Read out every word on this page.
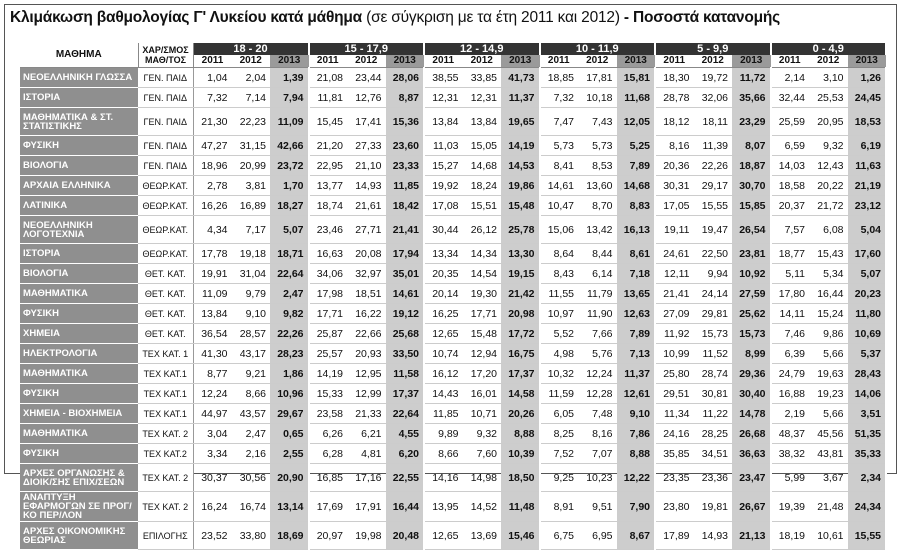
Κλιμάκωση βαθμολογίας Γ' Λυκείου κατά μάθημα (σε σύγκριση με τα έτη 2011 και 2012) - Ποσοστά κατανομής
ΜΑΘΗΜΑ	ΧΑΡ/ΣΜΟΣ ΜΑΘ/ΤΟΣ	18 - 20			15 - 17,9			12 - 14,9			10 - 11,9			5 - 9,9			0 - 4,9		
		2011	2012	2013	2011	2012	2013	2011	2012	2013	2011	2012	2013	2011	2012	2013	2011	2012	2013
ΝΕΟΕΛΛΗΝΙΚΗ ΓΛΩΣΣΑ	ΓΕΝ. ΠΑΙΔ	1,04	2,04	1,39	21,08	23,44	28,06	38,55	33,85	41,73	18,85	17,81	15,81	18,30	19,72	11,72	2,14	3,10	1,26
ΙΣΤΟΡΙΑ	ΓΕΝ. ΠΑΙΔ	7,32	7,14	7,94	11,81	12,76	8,87	12,31	12,31	11,37	7,32	10,18	11,68	28,78	32,06	35,66	32,44	25,53	24,45
ΜΑΘΗΜΑΤΙΚΑ & ΣΤ. ΣΤΑΤΙΣΤΙΚΗΣ	ΓΕΝ. ΠΑΙΔ	21,30	22,23	11,09	15,45	17,41	15,36	13,84	13,84	19,65	7,47	7,43	12,05	18,12	18,11	23,29	25,59	20,95	18,53
ΦΥΣΙΚΗ	ΓΕΝ. ΠΑΙΔ	47,27	31,15	42,66	21,20	27,33	23,60	11,03	15,05	14,19	5,73	5,73	5,25	8,16	11,39	8,07	6,59	9,32	6,19
ΒΙΟΛΟΓΙΑ	ΓΕΝ. ΠΑΙΔ	18,96	20,99	23,72	22,95	21,10	23,33	15,27	14,68	14,53	8,41	8,53	7,89	20,36	22,26	18,87	14,03	12,43	11,63
ΑΡΧΑΙΑ ΕΛΛΗΝΙΚΑ	ΘΕΩΡ.ΚΑΤ.	2,78	3,81	1,70	13,77	14,93	11,85	19,92	18,24	19,86	14,61	13,60	14,68	30,31	29,17	30,70	18,58	20,22	21,19
ΛΑΤΙΝΙΚΑ	ΘΕΩΡ.ΚΑΤ.	16,26	16,89	18,27	18,74	21,61	18,42	17,08	15,51	15,48	10,47	8,70	8,83	17,05	15,55	15,85	20,37	21,72	23,12
ΝΕΟΕΛΛΗΝΙΚΗ ΛΟΓΟΤΕΧΝΙΑ	ΘΕΩΡ.ΚΑΤ.	4,34	7,17	5,07	23,46	27,71	21,41	30,44	26,12	25,78	15,06	13,42	16,13	19,11	19,47	26,54	7,57	6,08	5,04
ΙΣΤΟΡΙΑ	ΘΕΩΡ.ΚΑΤ.	17,78	19,18	18,71	16,63	20,08	17,94	13,34	14,34	13,30	8,64	8,44	8,61	24,61	22,50	23,81	18,77	15,43	17,60
ΒΙΟΛΟΓΙΑ	ΘΕΤ. ΚΑΤ.	19,91	31,04	22,64	34,06	32,97	35,01	20,35	14,54	19,15	8,43	6,14	7,18	12,11	9,94	10,92	5,11	5,34	5,07
ΜΑΘΗΜΑΤΙΚΑ	ΘΕΤ. ΚΑΤ.	11,09	9,79	2,47	17,98	18,51	14,61	20,14	19,30	21,42	11,55	11,79	13,65	21,41	24,14	27,59	17,80	16,44	20,23
ΦΥΣΙΚΗ	ΘΕΤ. ΚΑΤ.	13,84	9,10	9,82	17,71	16,22	19,12	16,25	17,71	20,98	10,97	11,90	12,63	27,09	29,81	25,62	14,11	15,24	11,80
ΧΗΜΕΙΑ	ΘΕΤ. ΚΑΤ.	36,54	28,57	22,26	25,87	22,66	25,68	12,65	15,48	17,72	5,52	7,66	7,89	11,92	15,73	15,73	7,46	9,86	10,69
ΗΛΕΚΤΡΟΛΟΓΙΑ	ΤΕΧ ΚΑΤ. 1	41,30	43,17	28,23	25,57	20,93	33,50	10,74	12,94	16,75	4,98	5,76	7,13	10,99	11,52	8,99	6,39	5,66	5,37
ΜΑΘΗΜΑΤΙΚΑ	ΤΕΧ ΚΑΤ.1	8,77	9,21	1,86	14,19	12,95	11,58	16,12	17,20	17,37	10,32	12,24	11,37	25,80	28,74	29,36	24,79	19,63	28,43
ΦΥΣΙΚΗ	ΤΕΧ ΚΑΤ.1	12,24	8,66	10,96	15,33	12,99	17,37	14,43	16,01	14,58	11,59	12,28	12,61	29,51	30,81	30,40	16,88	19,23	14,06
ΧΗΜΕΙΑ - ΒΙΟΧΗΜΕΙΑ	ΤΕΧ ΚΑΤ.1	44,97	43,57	29,67	23,58	21,33	22,64	11,85	10,71	20,26	6,05	7,48	9,10	11,34	11,22	14,78	2,19	5,66	3,51
ΜΑΘΗΜΑΤΙΚΑ	ΤΕΧ ΚΑΤ. 2	3,04	2,47	0,65	6,26	6,21	4,55	9,89	9,32	8,88	8,25	8,16	7,86	24,16	28,25	26,68	48,37	45,56	51,35
ΦΥΣΙΚΗ	ΤΕΧ ΚΑΤ.2	3,34	2,16	2,55	6,28	4,81	6,20	8,66	7,60	10,39	7,52	7,07	8,88	35,85	34,51	36,63	38,32	43,81	35,33
ΑΡΧΕΣ ΟΡΓΑΝΩΣΗΣ & ΔΙΟΙΚ/ΣΗΣ ΕΠΙΧ/ΣΕΩΝ	ΤΕΧ ΚΑΤ. 2	30,37	30,56	20,90	16,85	17,16	22,55	14,16	14,98	18,50	9,25	10,23	12,22	23,35	23,36	23,47	5,99	3,67	2,34
ΑΝΑΠΤΥΞΗ ΕΦΑΡΜΟΓΩΝ ΣΕ ΠΡΟΓ/ΚΟ ΠΕΡ/ΛΟΝ	ΤΕΧ ΚΑΤ. 2	16,24	16,74	13,14	17,69	17,91	16,44	13,95	14,52	11,48	8,91	9,51	7,90	23,80	19,81	26,67	19,39	21,48	24,34
ΑΡΧΕΣ ΟΙΚΟΝΟΜΙΚΗΣ ΘΕΩΡΙΑΣ	ΕΠΙΛΟΓΗΣ	23,52	33,80	18,69	20,97	19,98	20,48	12,65	13,69	15,46	6,75	6,95	8,67	17,89	14,93	21,13	18,19	10,61	15,55
